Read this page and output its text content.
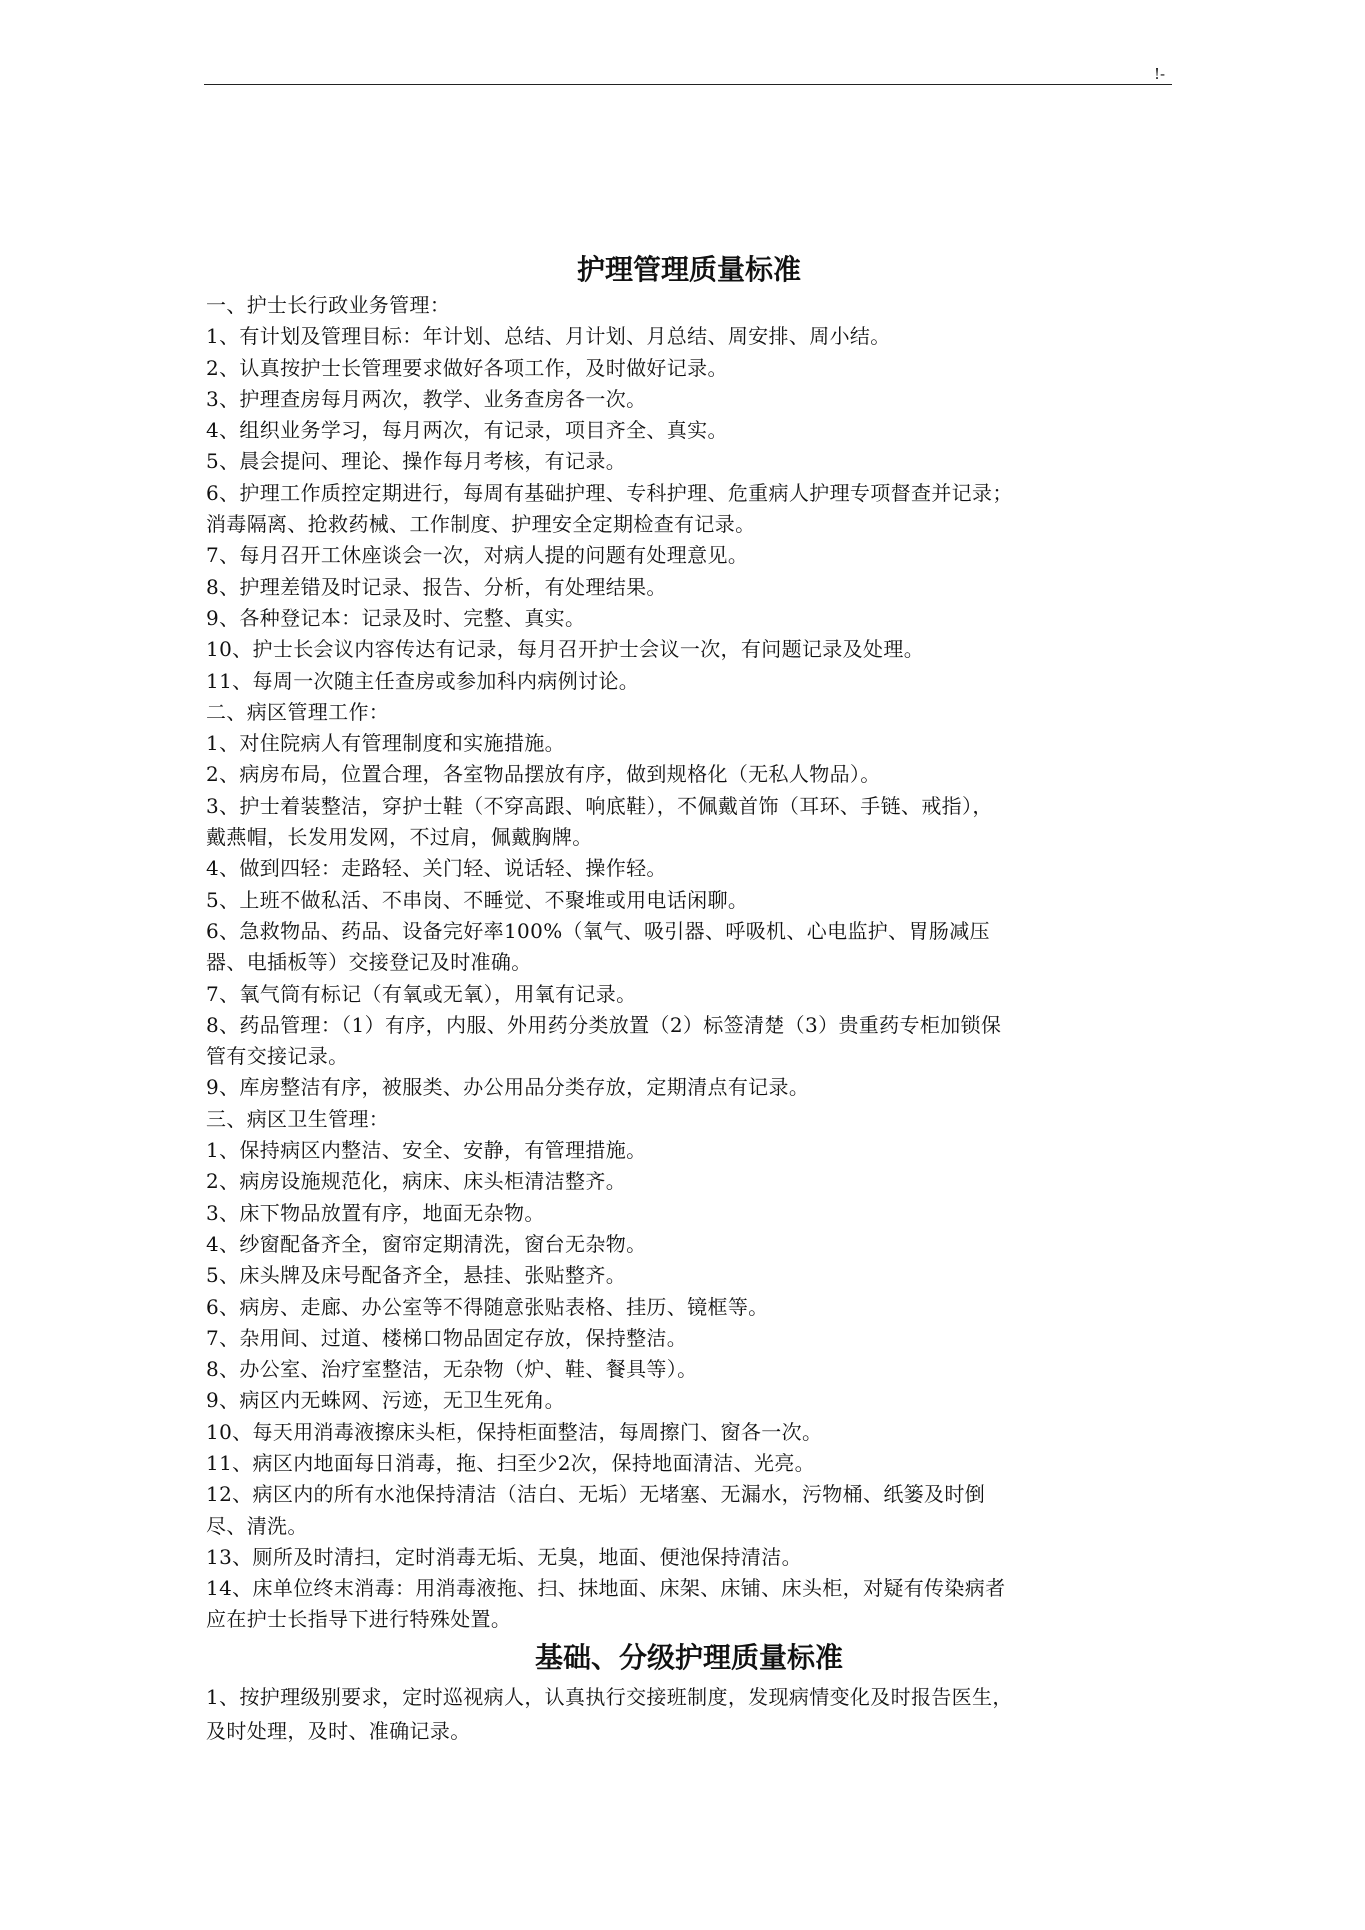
!-
护理管理质量标准
一、护士长行政业务管理：
1、有计划及管理目标：年计划、总结、月计划、月总结、周安排、周小结。
2、认真按护士长管理要求做好各项工作，及时做好记录。
3、护理查房每月两次，教学、业务查房各一次。
4、组织业务学习，每月两次，有记录，项目齐全、真实。
5、晨会提问、理论、操作每月考核，有记录。
6、护理工作质控定期进行，每周有基础护理、专科护理、危重病人护理专项督查并记录；
消毒隔离、抢救药械、工作制度、护理安全定期检查有记录。
7、每月召开工休座谈会一次，对病人提的问题有处理意见。
8、护理差错及时记录、报告、分析，有处理结果。
9、各种登记本：记录及时、完整、真实。
10、护士长会议内容传达有记录，每月召开护士会议一次，有问题记录及处理。
11、每周一次随主任查房或参加科内病例讨论。
二、病区管理工作：
1、对住院病人有管理制度和实施措施。
2、病房布局，位置合理，各室物品摆放有序，做到规格化（无私人物品）。
3、护士着装整洁，穿护士鞋（不穿高跟、响底鞋），不佩戴首饰（耳环、手链、戒指），
戴燕帽，长发用发网，不过肩，佩戴胸牌。
4、做到四轻：走路轻、关门轻、说话轻、操作轻。
5、上班不做私活、不串岗、不睡觉、不聚堆或用电话闲聊。
6、急救物品、药品、设备完好率100%（氧气、吸引器、呼吸机、心电监护、胃肠减压
器、电插板等）交接登记及时准确。
7、氧气筒有标记（有氧或无氧），用氧有记录。
8、药品管理：（1）有序，内服、外用药分类放置（2）标签清楚（3）贵重药专柜加锁保
管有交接记录。
9、库房整洁有序，被服类、办公用品分类存放，定期清点有记录。
三、病区卫生管理：
1、保持病区内整洁、安全、安静，有管理措施。
2、病房设施规范化，病床、床头柜清洁整齐。
3、床下物品放置有序，地面无杂物。
4、纱窗配备齐全，窗帘定期清洗，窗台无杂物。
5、床头牌及床号配备齐全，悬挂、张贴整齐。
6、病房、走廊、办公室等不得随意张贴表格、挂历、镜框等。
7、杂用间、过道、楼梯口物品固定存放，保持整洁。
8、办公室、治疗室整洁，无杂物（炉、鞋、餐具等）。
9、病区内无蛛网、污迹，无卫生死角。
10、每天用消毒液擦床头柜，保持柜面整洁，每周擦门、窗各一次。
11、病区内地面每日消毒，拖、扫至少2次，保持地面清洁、光亮。
12、病区内的所有水池保持清洁（洁白、无垢）无堵塞、无漏水，污物桶、纸篓及时倒
尽、清洗。
13、厕所及时清扫，定时消毒无垢、无臭，地面、便池保持清洁。
14、床单位终末消毒：用消毒液拖、扫、抹地面、床架、床铺、床头柜，对疑有传染病者
应在护士长指导下进行特殊处置。
基础、分级护理质量标准
1、按护理级别要求，定时巡视病人，认真执行交接班制度，发现病情变化及时报告医生，
及时处理，及时、准确记录。
